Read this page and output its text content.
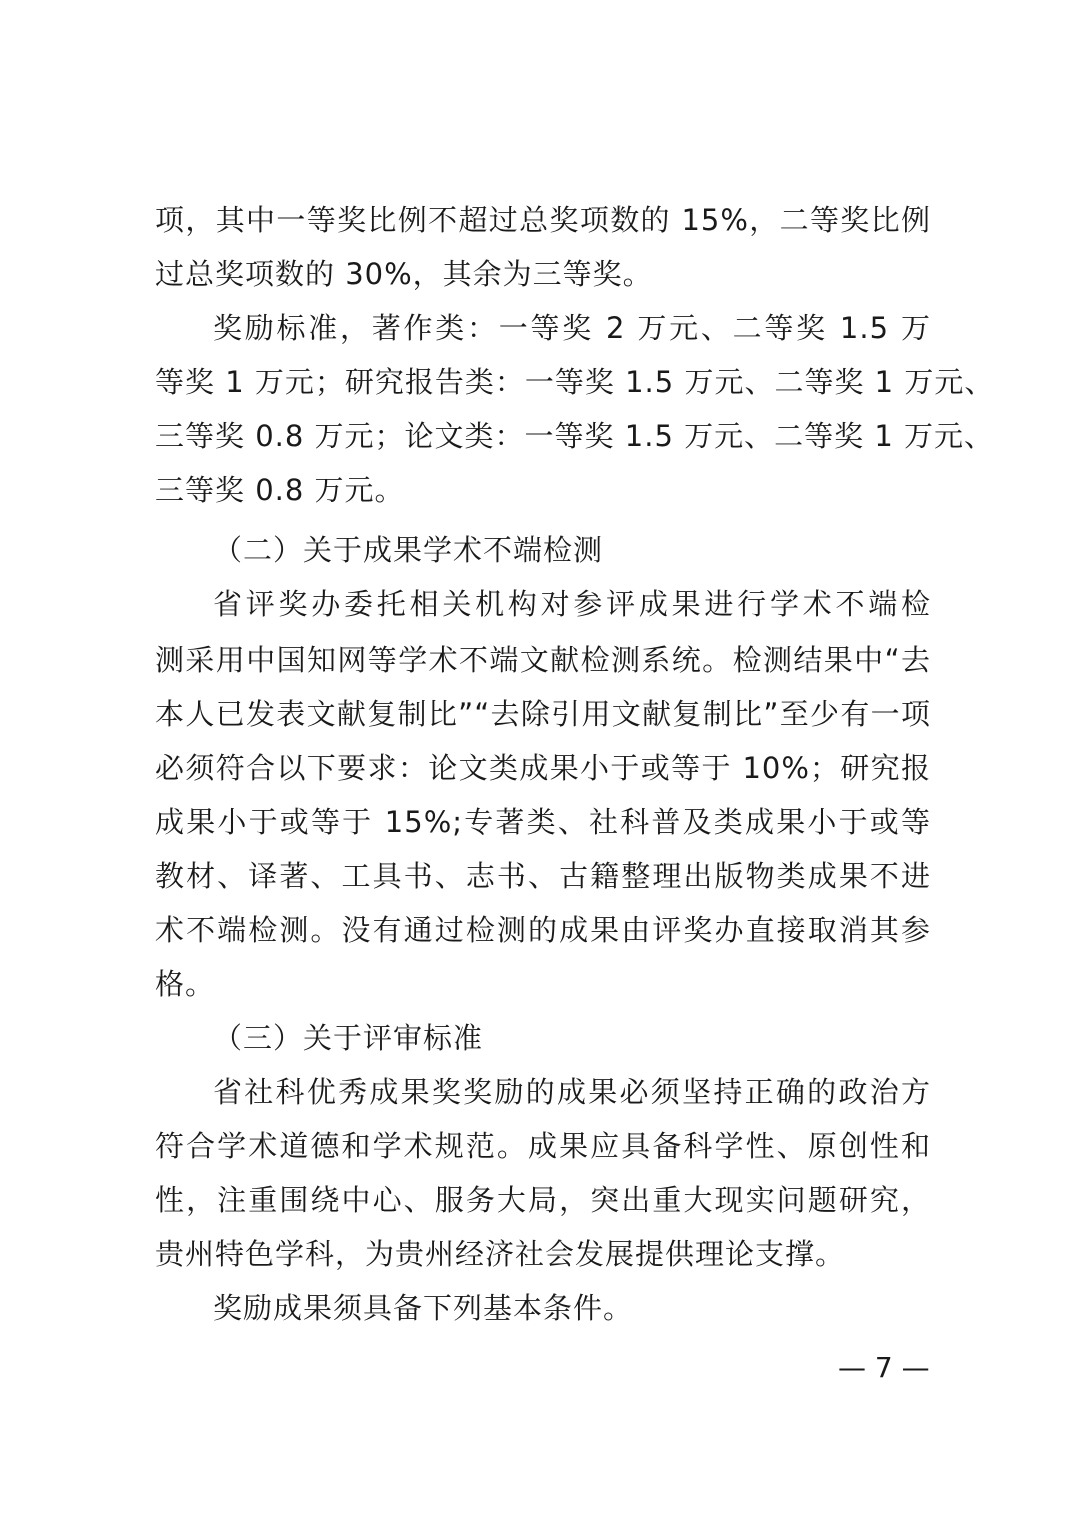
项，其中一等奖比例不超过总奖项数的 15%，二等奖比例
过总奖项数的 30%，其余为三等奖。
奖励标准，著作类：一等奖 2 万元、二等奖 1.5 万
等奖 1 万元；研究报告类：一等奖 1.5 万元、二等奖 1 万元、
三等奖 0.8 万元；论文类：一等奖 1.5 万元、二等奖 1 万元、
三等奖 0.8 万元。
（二）关于成果学术不端检测
省评奖办委托相关机构对参评成果进行学术不端检
测采用中国知网等学术不端文献检测系统。检测结果中“去
本人已发表文献复制比”“去除引用文献复制比”至少有一项
必须符合以下要求：论文类成果小于或等于 10%；研究报
成果小于或等于 15%;专著类、社科普及类成果小于或等
教材、译著、工具书、志书、古籍整理出版物类成果不进
术不端检测。没有通过检测的成果由评奖办直接取消其参
格。
（三）关于评审标准
省社科优秀成果奖奖励的成果必须坚持正确的政治方
符合学术道德和学术规范。成果应具备科学性、原创性和
性，注重围绕中心、服务大局，突出重大现实问题研究，
贵州特色学科，为贵州经济社会发展提供理论支撑。
奖励成果须具备下列基本条件。
— 7 —
